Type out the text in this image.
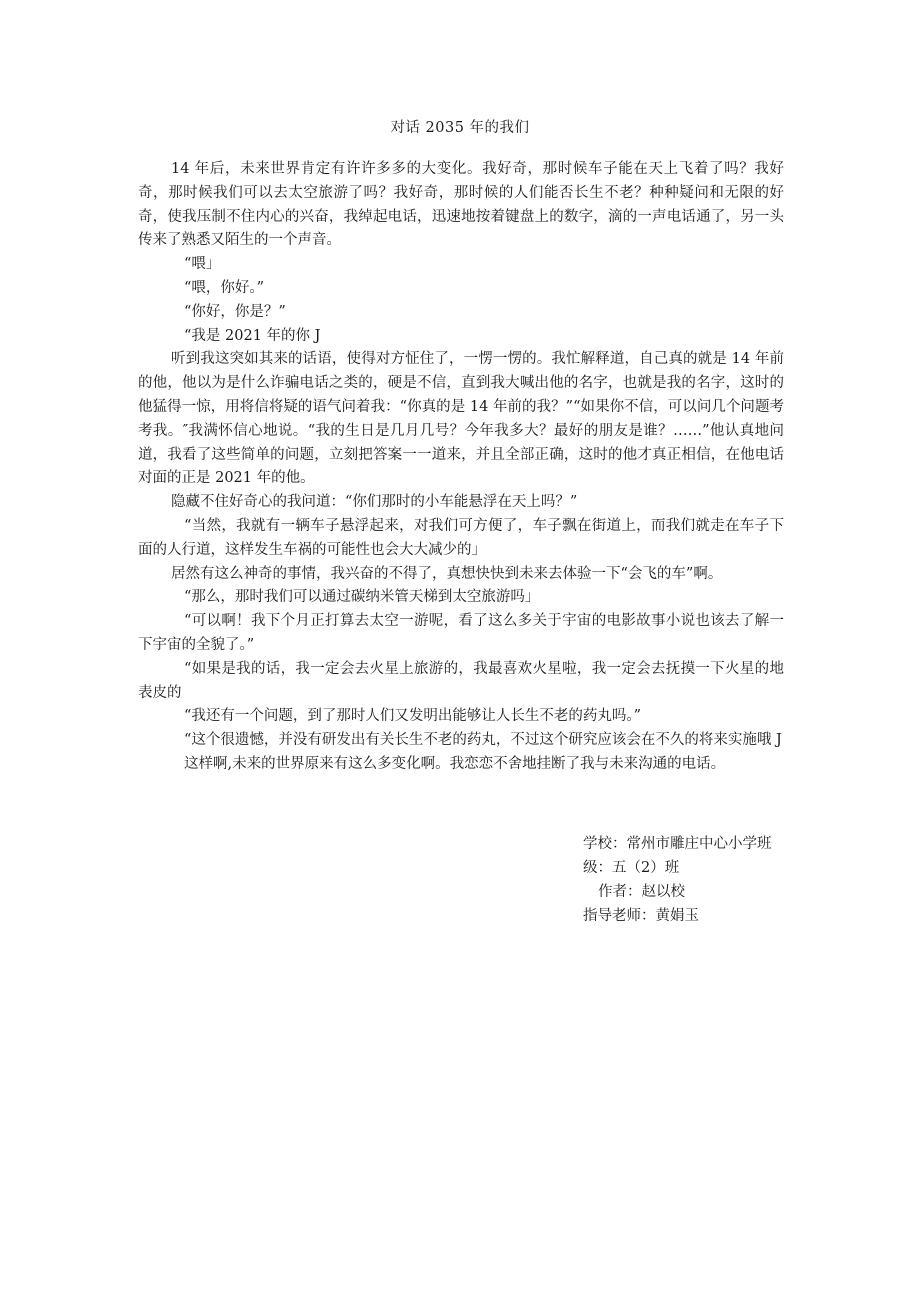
对话 2035 年的我们

14 年后，未来世界肯定有许许多多的大变化。我好奇，那时候车子能在天上飞着了吗？我好奇，那时候我们可以去太空旅游了吗？我好奇，那时候的人们能否长生不老？种种疑问和无限的好奇，使我压制不住内心的兴奋，我绰起电话，迅速地按着键盘上的数字，滴的一声电话通了，另一头传来了熟悉又陌生的一个声音。

“喂」

“喂，你好。”

“你好，你是？”

“我是 2021 年的你 J

听到我这突如其来的话语，使得对方怔住了，一愣一愣的。我忙解释道，自己真的就是 14 年前的他，他以为是什么诈骗电话之类的，硬是不信，直到我大喊出他的名字，也就是我的名字，这时的他猛得一惊，用将信将疑的语气问着我：“你真的是 14 年前的我？”“如果你不信，可以问几个问题考考我。″我满怀信心地说。“我的生日是几月几号？今年我多大？最好的朋友是谁？……”他认真地问道，我看了这些简单的问题，立刻把答案一一道来，并且全部正确，这时的他才真正相信，在他电话对面的正是 2021 年的他。

隐藏不住好奇心的我问道：“你们那时的小车能悬浮在天上吗？”

“当然，我就有一辆车子悬浮起来，对我们可方便了，车子飘在街道上，而我们就走在车子下面的人行道，这样发生车祸的可能性也会大大减少的」

居然有这么神奇的事情，我兴奋的不得了，真想快快到未来去体验一下“会飞的车”啊。

“那么，那时我们可以通过碳纳米管天梯到太空旅游吗」

“可以啊！我下个月正打算去太空一游呢，看了这么多关于宇宙的电影故事小说也该去了解一下宇宙的全貌了。”

“如果是我的话，我一定会去火星上旅游的，我最喜欢火星啦，我一定会去抚摸一下火星的地表皮的

“我还有一个问题，到了那时人们又发明出能够让人长生不老的药丸吗。”

“这个很遗憾，并没有研发出有关长生不老的药丸，不过这个研究应该会在不久的将来实施哦 J

这样啊,未来的世界原来有这么多变化啊。我恋恋不舍地挂断了我与未来沟通的电话。

学校：常州市雕庄中心小学班

级：五（2）班

作者：赵以校

指导老师：黄娟玉
